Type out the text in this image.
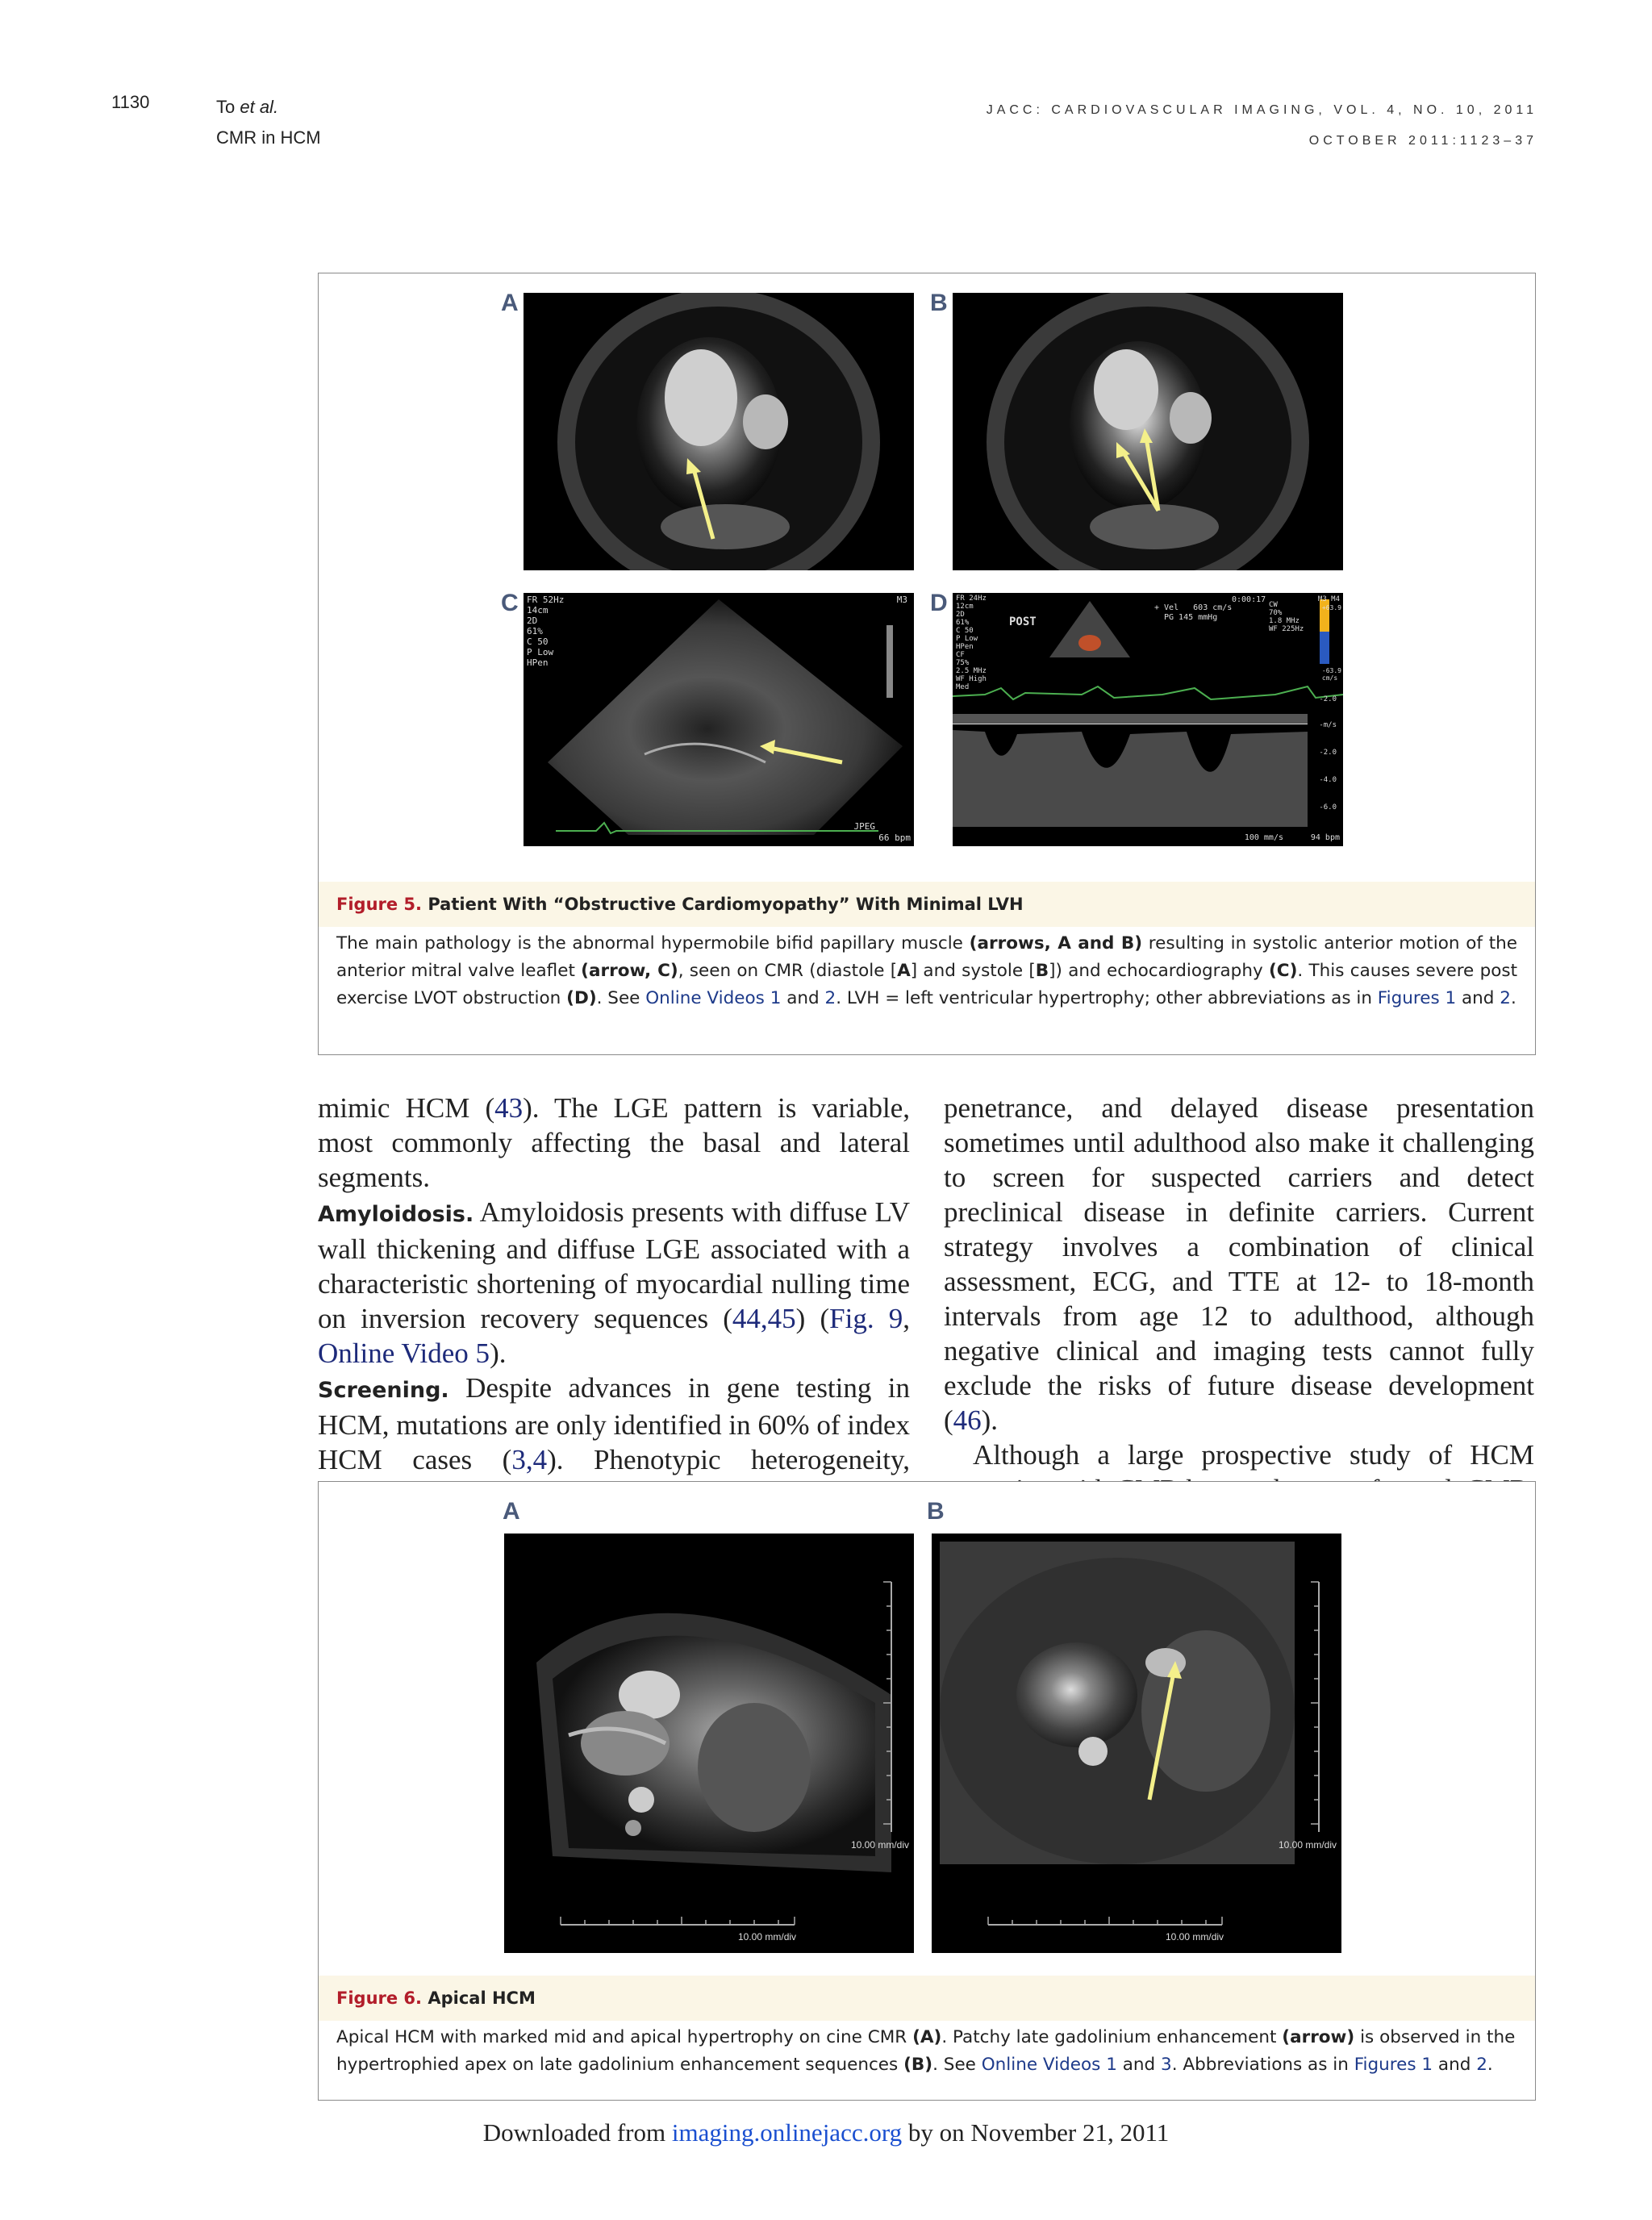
1130	To et al.
CMR in HCM
JACC: CARDIOVASCULAR IMAGING, VOL. 4, NO. 10, 2011
OCTOBER 2011:1123–37
A	B
C FR 52Hz
14cm
2D
61%
C 50
P Low
HPen
M3
JPEG
66 bpm
D FR 24Hz
12cm
2D
61%
C 50
P Low
HPen
CF
75%
2.5 MHz
WF High
Med
POST
0:00:17
+ Vel   603 cm/s
PG 145 mmHg
CW
70%
1.8 MHz
WF 225Hz
M3 M4
+63.9
-63.9
cm/s
-2.0
-m/s
-2.0
-4.0
-6.0
100 mm/s	94 bpm
Figure 5. Patient With “Obstructive Cardiomyopathy” With Minimal LVH
The main pathology is the abnormal hypermobile bifid papillary muscle (arrows, A and B) resulting in systolic anterior motion of the anterior mitral valve leaflet (arrow, C), seen on CMR (diastole [A] and systole [B]) and echocardiography (C). This causes severe post exercise LVOT obstruction (D). See Online Videos 1 and 2. LVH = left ventricular hypertrophy; other abbreviations as in Figures 1 and 2.

mimic HCM (43). The LGE pattern is variable, most commonly affecting the basal and lateral segments.

Amyloidosis. Amyloidosis presents with diffuse LV wall thickening and diffuse LGE associated with a characteristic shortening of myocardial nulling time on inversion recovery sequences (44,45) (Fig. 9, Online Video 5).

Screening. Despite advances in gene testing in HCM, mutations are only identified in 60% of index HCM cases (3,4). Phenotypic heterogeneity,

penetrance, and delayed disease presentation sometimes until adulthood also make it challenging to screen for suspected carriers and detect preclinical disease in definite carriers. Current strategy involves a combination of clinical assessment, ECG, and TTE at 12- to 18-month intervals from age 12 to adulthood, although negative clinical and imaging tests cannot fully exclude the risks of future disease development (46).

Although a large prospective study of HCM

A
10.00 mm/div
10.00 mm/div
B
10.00 mm/div
10.00 mm/div
Figure 6. Apical HCM
Apical HCM with marked mid and apical hypertrophy on cine CMR (A). Patchy late gadolinium enhancement (arrow) is observed in the hypertrophied apex on late gadolinium enhancement sequences (B). See Online Videos 1 and 3. Abbreviations as in Figures 1 and 2.
Downloaded from imaging.onlinejacc.org by on November 21, 2011
